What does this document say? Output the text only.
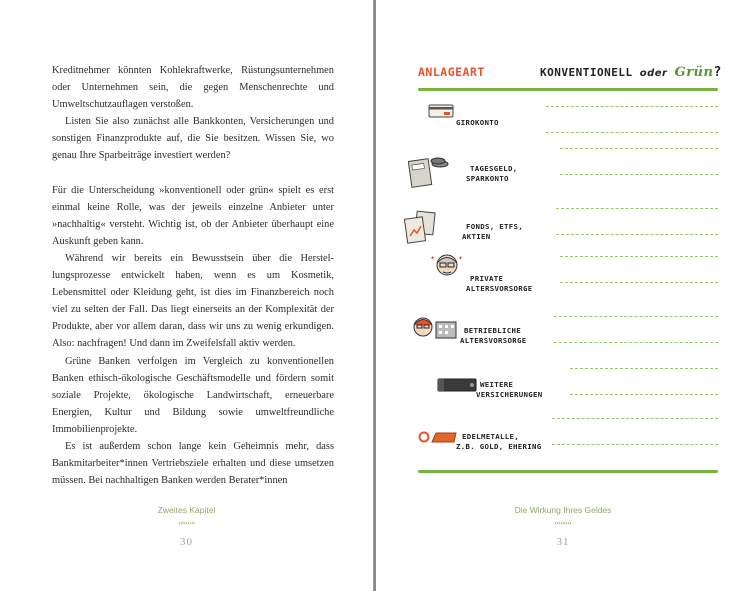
Kreditnehmer könnten Kohlekraftwerke, Rüstungsunternehmen oder Unternehmen sein, die gegen Menschenrechte und Umweltschutzauflagen verstoßen.

Listen Sie also zunächst alle Bankkonten, Versicherungen und sonstigen Finanzprodukte auf, die Sie besitzen. Wissen Sie, wo genau Ihre Sparbeiträge investiert werden?

Für die Unterscheidung »konventionell oder grün« spielt es erst einmal keine Rolle, was der jeweils einzelne Anbieter unter »nachhaltig« versteht. Wichtig ist, ob der Anbieter überhaupt eine Auskunft geben kann.

Während wir bereits ein Bewusstsein über die Herstellungsprozesse entwickelt haben, wenn es um Kosmetik, Lebensmittel oder Kleidung geht, ist dies im Finanzbereich noch viel zu selten der Fall. Das liegt einerseits an der Komplexität der Produkte, aber vor allem daran, dass wir uns zu wenig erkundigen. Also: nachfragen! Und dann im Zweifelsfall aktiv werden.

Grüne Banken verfolgen im Vergleich zu konventionellen Banken ethisch-ökologische Geschäftsmodelle und fördern somit soziale Projekte, ökologische Landwirtschaft, erneuerbare Energien, Kultur und Bildung sowie umweltfreundliche Immobilienprojekte.

Es ist außerdem schon lange kein Geheimnis mehr, dass Bankmitarbeiter*innen Vertriebsziele erhalten und diese umsetzen müssen. Bei nachhaltigen Banken werden Berater*innen

Zweites Kapitel
‹‹‹‹‹‹‹‹‹
30
ANLAGEART	KONVENTIONELL oder Grün?
GIROKONTO
TAGESGELD,
SPARKONTO
FONDS, ETFS,
AKTIEN
✦	✦
PRIVATE
ALTERSVORSORGE
BETRIEBLICHE
ALTERSVORSORGE
WEITERE
VERSICHERUNGEN
EDELMETALLE,
Z.B. GOLD, EHERING
Die Wirkung Ihres Geldes
‹‹‹‹‹‹‹‹‹
31
